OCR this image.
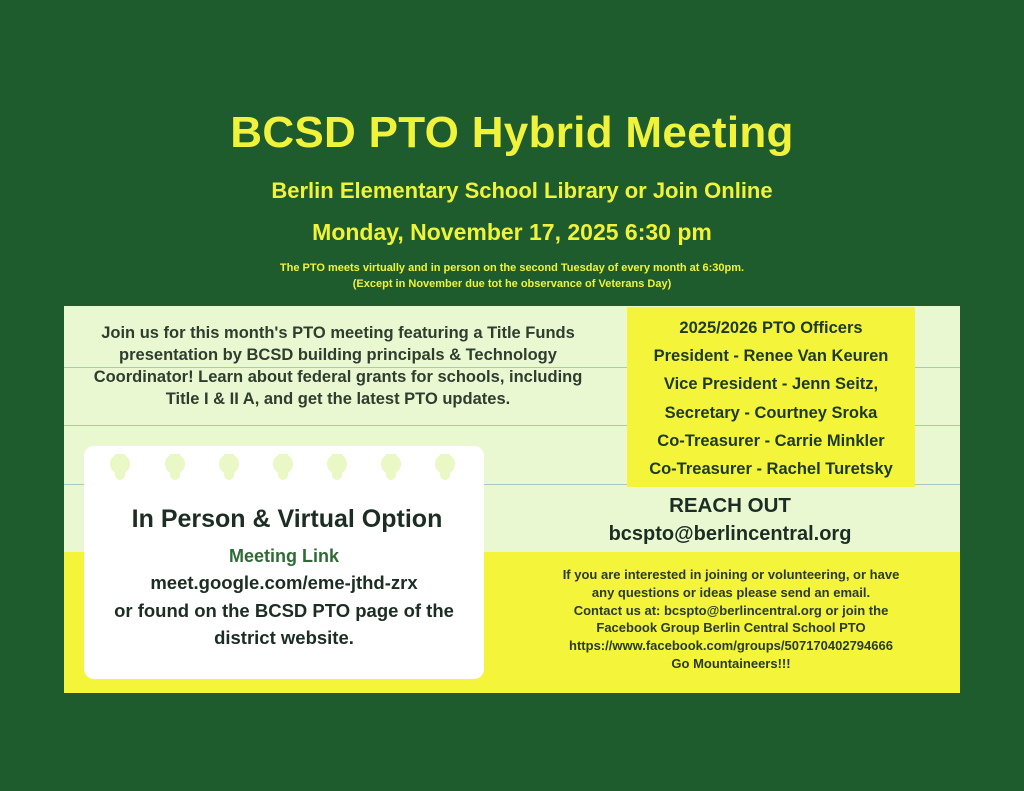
BCSD PTO Hybrid Meeting
Berlin Elementary School Library or Join Online
Monday, November 17, 2025 6:30 pm
The PTO meets virtually and in person on the second Tuesday of every month at 6:30pm.
(Except in November due tot he observance of Veterans Day)
Join us for this month's PTO meeting featuring a Title Funds presentation by BCSD building principals & Technology Coordinator! Learn about federal grants for schools, including Title I & II A, and get the latest PTO updates.
2025/2026 PTO Officers
President - Renee Van Keuren
Vice President - Jenn Seitz,
Secretary - Courtney Sroka
Co-Treasurer - Carrie Minkler
Co-Treasurer - Rachel Turetsky
In Person & Virtual Option
Meeting Link
meet.google.com/eme-jthd-zrx
or found on the BCSD PTO page of the
district website.
REACH OUT
bcspto@berlincentral.org
If you are interested in joining or volunteering, or have
any questions or ideas please send an email.
Contact us at: bcspto@berlincentral.org or join the
Facebook Group Berlin Central School PTO
https://www.facebook.com/groups/507170402794666
Go Mountaineers!!!
